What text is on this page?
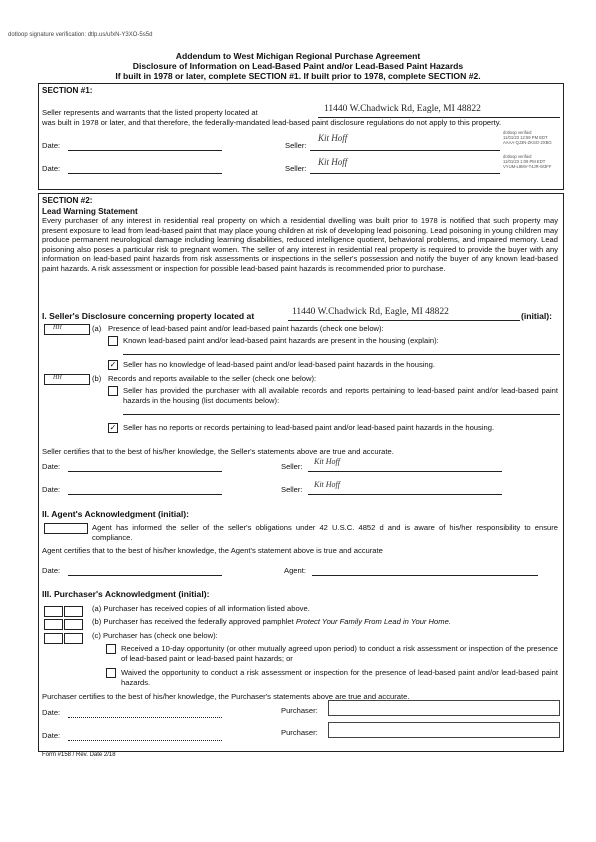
dotloop signature verification: dtlp.us/ufxN-Y3XO-5s5d
Addendum to West Michigan Regional Purchase Agreement
Disclosure of Information on Lead-Based Paint and/or Lead-Based Paint Hazards
If built in 1978 or later, complete SECTION #1. If built prior to 1978, complete SECTION #2.
SECTION #1:
Seller represents and warrants that the listed property located at	11440 W.Chadwick Rd, Eagle, MI 48822
was built in 1978 or later, and that therefore, the federally-mandated lead-based paint disclosure regulations do not apply to this property.
Date:	Seller:
Kit Hoff
dotloop verified
11/01/23 12:59 PM EDT
AAAA-QJ3N-ZKSO-2XBG
Date:	Seller:
Kit Hoff
dotloop verified
11/01/23 1:09 PM EDT
VYUM-L8MV-T4JR-W3FF
SECTION #2:
Lead Warning Statement
Every purchaser of any interest in residential real property on which a residential dwelling was built prior to 1978 is notified that such property may present exposure to lead from lead-based paint that may place young children at risk of developing lead poisoning. Lead poisoning in young children may produce permanent neurological damage including learning disabilities, reduced intelligence quotient, behavioral problems, and impaired memory. Lead poisoning also poses a particular risk to pregnant women. The seller of any interest in residential real property is required to provide the buyer with any information on lead-based paint hazards from risk assessments or inspections in the seller's possession and notify the buyer of any known lead-based paint hazards. A risk assessment or inspection for possible lead-based paint hazards is recommended prior to purchase.
I. Seller's Disclosure concerning property located at	11440 W.Chadwick Rd, Eagle, MI 48822	(initial):
HH	(a) Presence of lead-based paint and/or lead-based paint hazards (check one below):
Known lead-based paint and/or lead-based paint hazards are present in the housing (explain):
✓ Seller has no knowledge of lead-based paint and/or lead-based paint hazards in the housing.
HH	(b) Records and reports available to the seller (check one below):
Seller has provided the purchaser with all available records and reports pertaining to lead-based paint and/or lead-based paint hazards in the housing (list documents below):
✓ Seller has no reports or records pertaining to lead-based paint and/or lead-based paint hazards in the housing.
Seller certifies that to the best of his/her knowledge, the Seller's statements above are true and accurate.
Date:	Seller:
Kit Hoff
Date:	Seller:
Kit Hoff
II. Agent's Acknowledgment (initial):
Agent has informed the seller of the seller's obligations under 42 U.S.C. 4852 d and is aware of his/her responsibility to ensure compliance.
Agent certifies that to the best of his/her knowledge, the Agent's statement above is true and accurate
Date:	Agent:
III. Purchaser's Acknowledgment (initial):
(a) Purchaser has received copies of all information listed above.
(b) Purchaser has received the federally approved pamphlet Protect Your Family From Lead in Your Home.
(c) Purchaser has (check one below):
Received a 10-day opportunity (or other mutually agreed upon period) to conduct a risk assessment or inspection of the presence of lead-based paint or lead-based paint hazards; or
Waived the opportunity to conduct a risk assessment or inspection for the presence of lead-based paint and/or lead-based paint hazards.
Purchaser certifies to the best of his/her knowledge, the Purchaser's statements above are true and accurate.
Date:	Purchaser:
Date:	Purchaser:
Form #158 / Rev. Date 2/18
